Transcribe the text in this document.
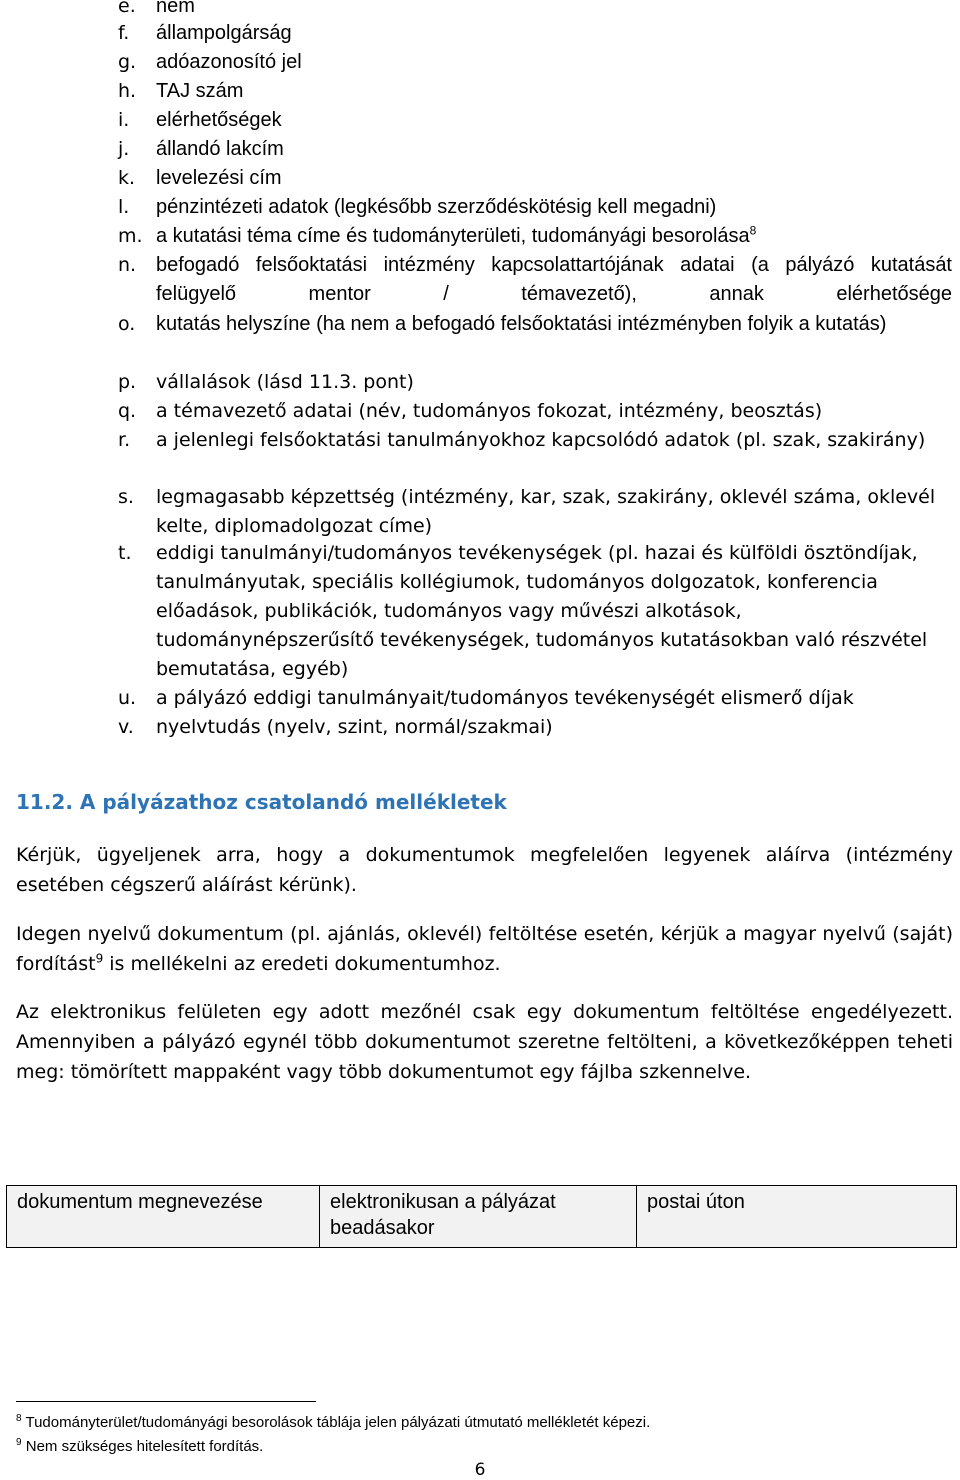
e. nem
f. állampolgárság
g. adóazonosító jel
h. TAJ szám
i. elérhetőségek
j. állandó lakcím
k. levelezési cím
l. pénzintézeti adatok (legkésőbb szerződéskötésig kell megadni)
m. a kutatási téma címe és tudományterületi, tudományági besorolása$^8$
n. befogadó felsőoktatási intézmény kapcsolattartójának adatai (a pályázó kutatását felügyelő mentor / témavezető), annak elérhetősége
o. kutatás helyszíne (ha nem a befogadó felsőoktatási intézményben folyik a kutatás)
p. vállalások (lásd 11.3. pont)
q. a témavezető adatai (név, tudományos fokozat, intézmény, beosztás)
r. a jelenlegi felsőoktatási tanulmányokhoz kapcsolódó adatok (pl. szak, szakirány)
s. legmagasabb képzettség (intézmény, kar, szak, szakirány, oklevél száma, oklevél kelte, diplomadolgozat címe)
t. eddigi tanulmányi/tudományos tevékenységek (pl. hazai és külföldi ösztöndíjak, tanulmányutak, speciális kollégiumok, tudományos dolgozatok, konferencia előadások, publikációk, tudományos vagy művészi alkotások, tudománynépszerűsítő tevékenységek, tudományos kutatásokban való részvétel bemutatása, egyéb)
u. a pályázó eddigi tanulmányait/tudományos tevékenységét elismerő díjak
v. nyelvtudás (nyelv, szint, normál/szakmai)
11.2. A pályázathoz csatolandó mellékletek
Kérjük, ügyeljenek arra, hogy a dokumentumok megfelelően legyenek aláírva (intézmény esetében cégszerű aláírást kérünk).
Idegen nyelvű dokumentum (pl. ajánlás, oklevél) feltöltése esetén, kérjük a magyar nyelvű (saját) fordítást$^9$ is mellékelni az eredeti dokumentumhoz.
Az elektronikus felületen egy adott mezőnél csak egy dokumentum feltöltése engedélyezett. Amennyiben a pályázó egynél több dokumentumot szeretne feltölteni, a következőképpen teheti meg: tömörített mappaként vagy több dokumentumot egy fájlba szkennelve.
dokumentum megnevezése	elektronikusan a pályázat beadásakor	postai úton
$^8$ Tudományterület/tudományági besorolások táblája jelen pályázati útmutató mellékletét képezi.
$^9$ Nem szükséges hitelesített fordítás.
6
